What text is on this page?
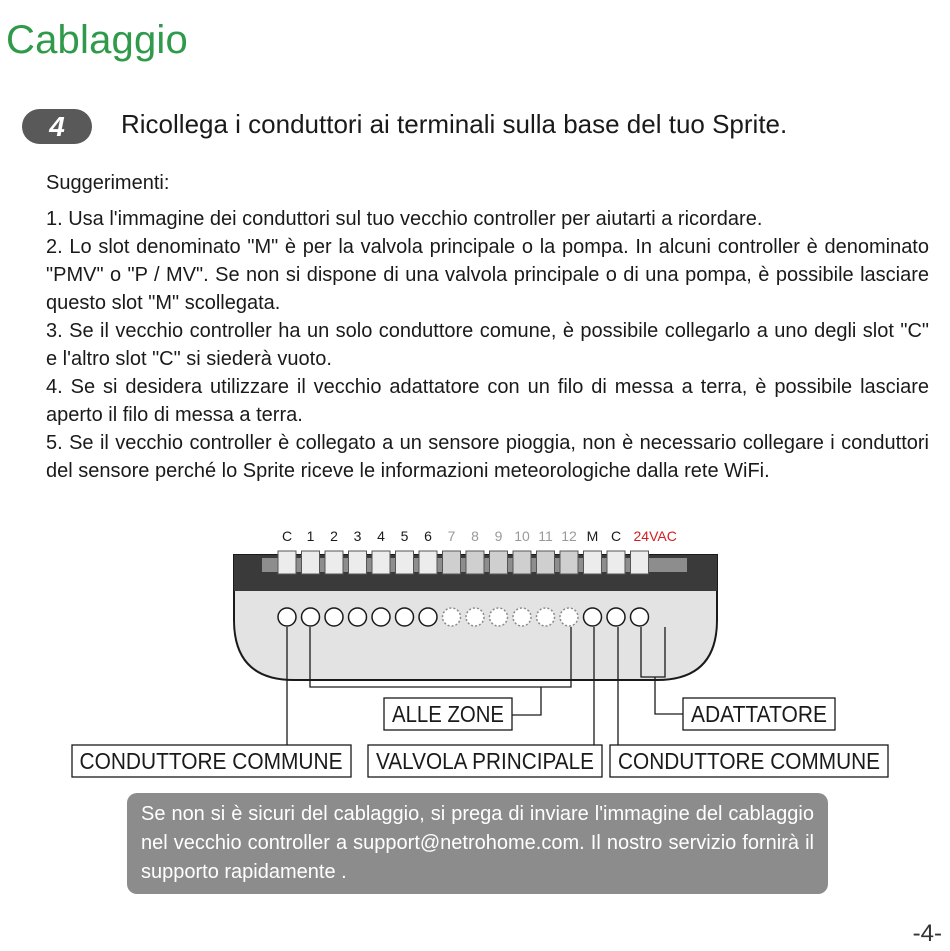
Cablaggio
4	Ricollega i conduttori ai terminali sulla base del tuo Sprite.

Suggerimenti:
1. Usa l'immagine dei conduttori sul tuo vecchio controller per aiutarti a ricordare.
2. Lo slot denominato "M" è per la valvola principale o la pompa. In alcuni controller è denominato "PMV" o "P / MV". Se non si dispone di una valvola principale o di una pompa, è possibile lasciare questo slot "M" scollegata.
3. Se il vecchio controller ha un solo conduttore comune, è possibile collegarlo a uno degli slot "C" e l'altro slot "C" si siederà vuoto.
4. Se si desidera utilizzare il vecchio adattatore con un filo di messa a terra, è possibile lasciare aperto il filo di messa a terra.
5. Se il vecchio controller è collegato a un sensore pioggia, non è necessario collegare i conduttori del sensore perché lo Sprite riceve le informazioni meteorologiche dalla rete WiFi.
C 1 2 3 4 5 6 7 8 9 10 11 12 M C 24VAC
ALLE ZONE	ADATTATORE
CONDUTTORE COMMUNE VALVOLA PRINCIPALE CONDUTTORE COMMUNE

Se non si è sicuri del cablaggio, si prega di inviare l'immagine del cablaggio nel vecchio controller a support@netrohome.com. Il nostro servizio fornirà il supporto rapidamente .

-4-
